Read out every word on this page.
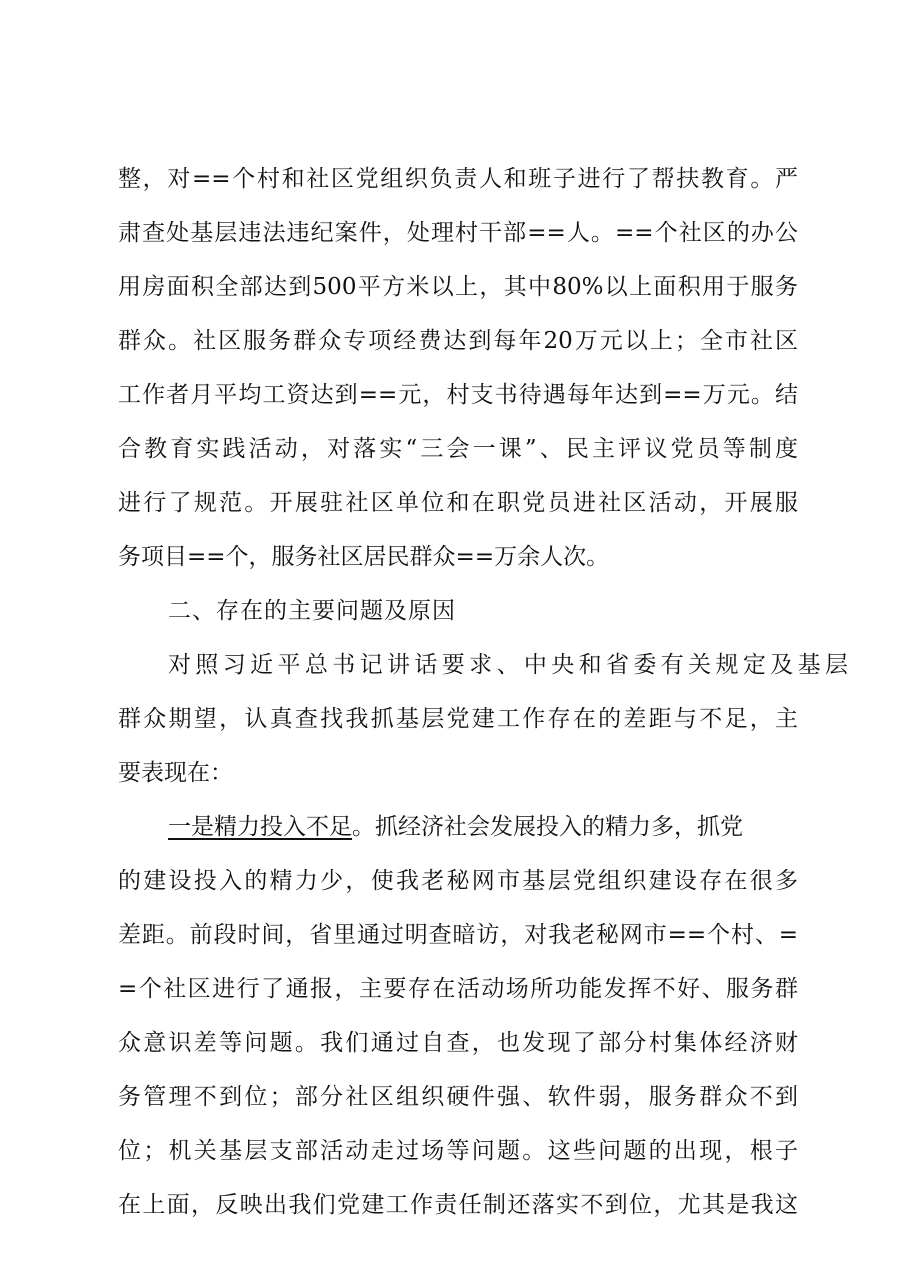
整，对==个村和社区党组织负责人和班子进行了帮扶教育。严
肃查处基层违法违纪案件，处理村干部==人。==个社区的办公
用房面积全部达到500平方米以上，其中80%以上面积用于服务
群众。社区服务群众专项经费达到每年20万元以上；全市社区
工作者月平均工资达到==元，村支书待遇每年达到==万元。结
合教育实践活动，对落实“三会一课”、民主评议党员等制度
进行了规范。开展驻社区单位和在职党员进社区活动，开展服
务项目==个，服务社区居民群众==万余人次。
二、存在的主要问题及原因
对照习近平总书记讲话要求、中央和省委有关规定及基层
群众期望，认真查找我抓基层党建工作存在的差距与不足，主
要表现在：
一是精力投入不足。抓经济社会发展投入的精力多，抓党
的建设投入的精力少，使我老秘网市基层党组织建设存在很多
差距。前段时间，省里通过明查暗访，对我老秘网市==个村、=
=个社区进行了通报，主要存在活动场所功能发挥不好、服务群
众意识差等问题。我们通过自查，也发现了部分村集体经济财
务管理不到位；部分社区组织硬件强、软件弱，服务群众不到
位；机关基层支部活动走过场等问题。这些问题的出现，根子
在上面，反映出我们党建工作责任制还落实不到位，尤其是我这
